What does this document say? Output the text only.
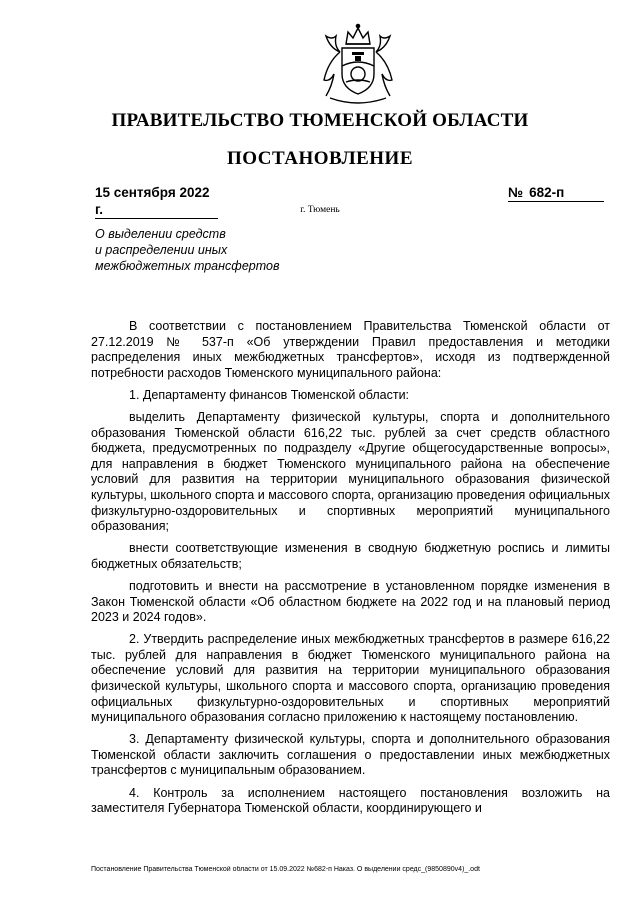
ПРАВИТЕЛЬСТВО ТЮМЕНСКОЙ ОБЛАСТИ
ПОСТАНОВЛЕНИЕ
15 сентября 2022 г.
№ 682-п
г. Тюмень
О выделении средств
и распределении иных
межбюджетных трансфертов

В соответствии с постановлением Правительства Тюменской области от 27.12.2019 № 537-п «Об утверждении Правил предоставления и методики распределения иных межбюджетных трансфертов», исходя из подтвержденной потребности расходов Тюменского муниципального района:

1. Департаменту финансов Тюменской области:

выделить Департаменту физической культуры, спорта и дополнительного образования Тюменской области 616,22 тыс. рублей за счет средств областного бюджета, предусмотренных по подразделу «Другие общегосударственные вопросы», для направления в бюджет Тюменского муниципального района на обеспечение условий для развития на территории муниципального образования физической культуры, школьного спорта и массового спорта, организацию проведения официальных физкультурно-оздоровительных и спортивных мероприятий муниципального образования;

внести соответствующие изменения в сводную бюджетную роспись и лимиты бюджетных обязательств;

подготовить и внести на рассмотрение в установленном порядке изменения в Закон Тюменской области «Об областном бюджете на 2022 год и на плановый период 2023 и 2024 годов».

2. Утвердить распределение иных межбюджетных трансфертов в размере 616,22 тыс. рублей для направления в бюджет Тюменского муниципального района на обеспечение условий для развития на территории муниципального образования физической культуры, школьного спорта и массового спорта, организацию проведения официальных физкультурно-оздоровительных и спортивных мероприятий муниципального образования согласно приложению к настоящему постановлению.

3. Департаменту физической культуры, спорта и дополнительного образования Тюменской области заключить соглашения о предоставлении иных межбюджетных трансфертов с муниципальным образованием.

4. Контроль за исполнением настоящего постановления возложить на заместителя Губернатора Тюменской области, координирующего и

Постановление Правительства Тюменской области от 15.09.2022 №682-п Наказ. О выделении средс_(9850890v4)_.odt
